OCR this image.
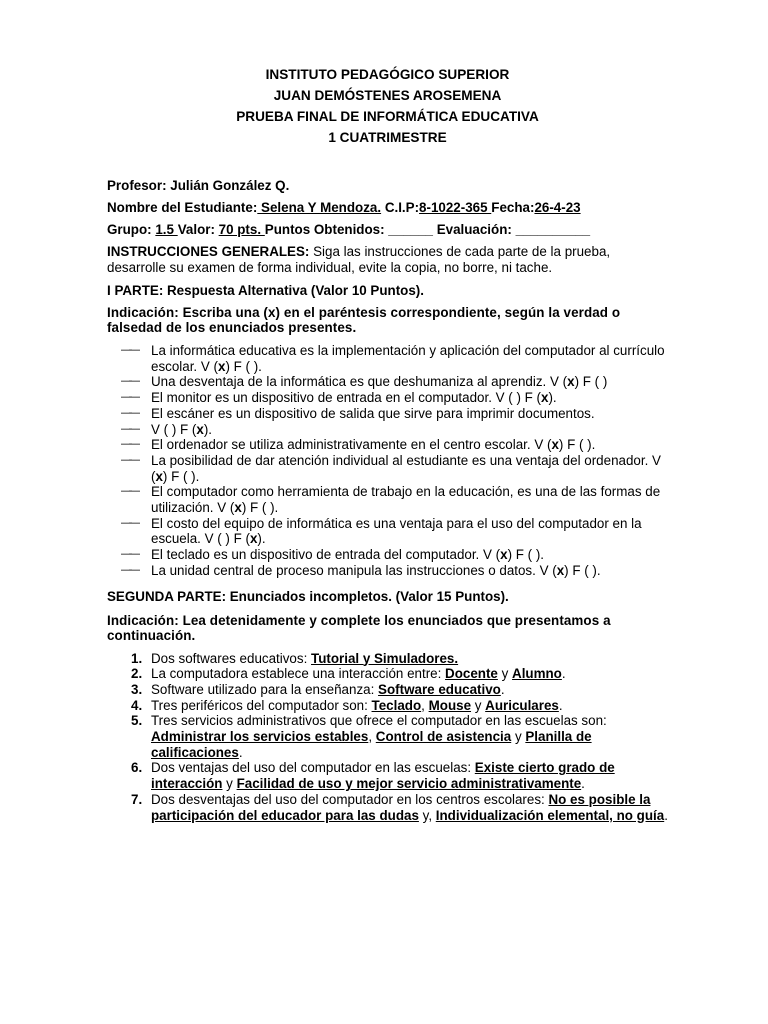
INSTITUTO PEDAGÓGICO SUPERIOR
JUAN DEMÓSTENES AROSEMENA
PRUEBA FINAL DE INFORMÁTICA EDUCATIVA
1 CUATRIMESTRE

Profesor: Julián González Q.

Nombre del Estudiante: Selena Y Mendoza. C.I.P:8-1022-365 Fecha:26-4-23

Grupo: 1.5 Valor: 70 pts. Puntos Obtenidos: ______ Evaluación: __________

INSTRUCCIONES GENERALES: Siga las instrucciones de cada parte de la prueba, desarrolle su examen de forma individual, evite la copia, no borre, ni tache.

I PARTE: Respuesta Alternativa (Valor 10 Puntos).

Indicación: Escriba una (x) en el paréntesis correspondiente, según la verdad o falsedad de los enunciados presentes.

—— La informática educativa es la implementación y aplicación del computador al currículo escolar. V (x) F ( ).
—— Una desventaja de la informática es que deshumaniza al aprendiz. V (x) F ( )
—— El monitor es un dispositivo de entrada en el computador. V ( ) F (x).
—— El escáner es un dispositivo de salida que sirve para imprimir documentos.
—— V ( ) F (x).
—— El ordenador se utiliza administrativamente en el centro escolar. V (x) F ( ).
—— La posibilidad de dar atención individual al estudiante es una ventaja del ordenador. V (x) F ( ).
—— El computador como herramienta de trabajo en la educación, es una de las formas de utilización. V (x) F ( ).
—— El costo del equipo de informática es una ventaja para el uso del computador en la escuela. V ( ) F (x).
—— El teclado es un dispositivo de entrada del computador. V (x) F ( ).
—— La unidad central de proceso manipula las instrucciones o datos. V (x) F ( ).

SEGUNDA PARTE: Enunciados incompletos. (Valor 15 Puntos).

Indicación: Lea detenidamente y complete los enunciados que presentamos a continuación.

1. Dos softwares educativos: Tutorial y Simuladores.
2. La computadora establece una interacción entre: Docente y Alumno.
3. Software utilizado para la enseñanza: Software educativo.
4. Tres periféricos del computador son: Teclado, Mouse y Auriculares.
5. Tres servicios administrativos que ofrece el computador en las escuelas son: Administrar los servicios estables, Control de asistencia y Planilla de calificaciones.
6. Dos ventajas del uso del computador en las escuelas: Existe cierto grado de interacción y Facilidad de uso y mejor servicio administrativamente.
7. Dos desventajas del uso del computador en los centros escolares: No es posible la participación del educador para las dudas y, Individualización elemental, no guía.
